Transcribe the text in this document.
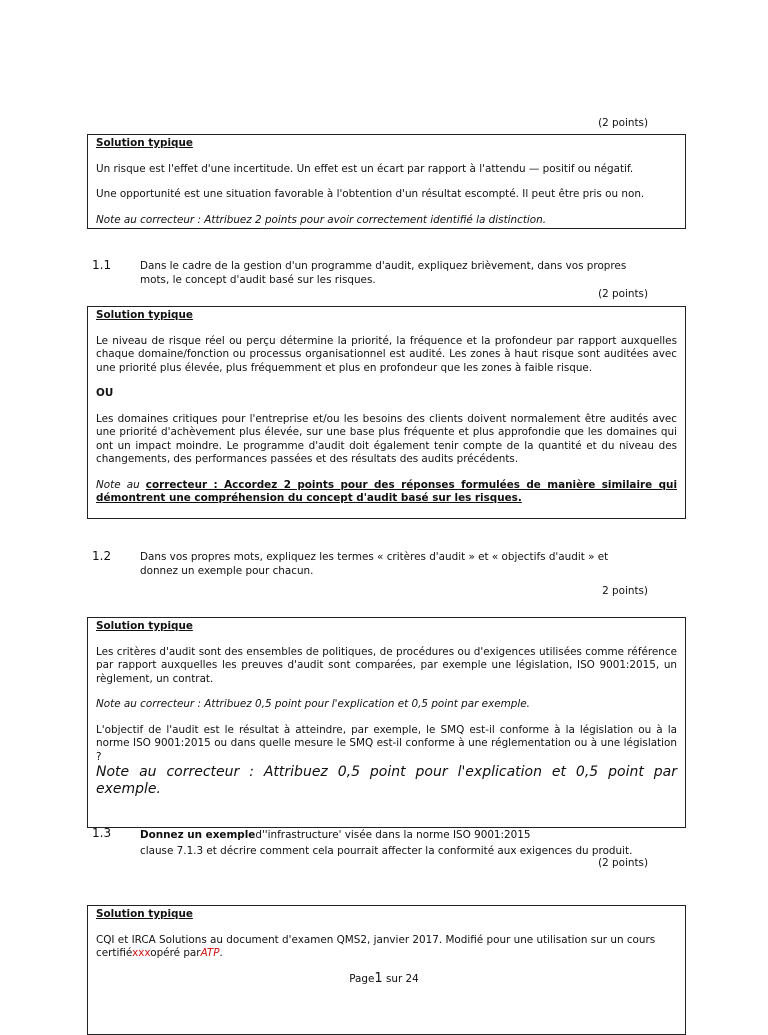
(2 points)

Solution typique

Un risque est l'effet d'une incertitude. Un effet est un écart par rapport à l'attendu — positif ou négatif.

Une opportunité est une situation favorable à l'obtention d'un résultat escompté. Il peut être pris ou non.

Note au correcteur : Attribuez 2 points pour avoir correctement identifié la distinction.

1.1	Dans le cadre de la gestion d'un programme d'audit, expliquez brièvement, dans vos propres mots, le concept d'audit basé sur les risques.
(2 points)

Solution typique

Le niveau de risque réel ou perçu détermine la priorité, la fréquence et la profondeur par rapport auxquelles chaque domaine/fonction ou processus organisationnel est audité. Les zones à haut risque sont auditées avec une priorité plus élevée, plus fréquemment et plus en profondeur que les zones à faible risque.

OU

Les domaines critiques pour l'entreprise et/ou les besoins des clients doivent normalement être audités avec une priorité d'achèvement plus élevée, sur une base plus fréquente et plus approfondie que les domaines qui ont un impact moindre. Le programme d'audit doit également tenir compte de la quantité et du niveau des changements, des performances passées et des résultats des audits précédents.

Note au correcteur : Accordez 2 points pour des réponses formulées de manière similaire qui démontrent une compréhension du concept d'audit basé sur les risques.

1.2	Dans vos propres mots, expliquez les termes « critères d'audit » et « objectifs d'audit » et donnez un exemple pour chacun.
2 points)

Solution typique

Les critères d'audit sont des ensembles de politiques, de procédures ou d'exigences utilisées comme référence par rapport auxquelles les preuves d'audit sont comparées, par exemple une législation, ISO 9001:2015, un règlement, un contrat.

Note au correcteur : Attribuez 0,5 point pour l'explication et 0,5 point par exemple.

L'objectif de l'audit est le résultat à atteindre, par exemple, le SMQ est-il conforme à la législation ou à la norme ISO 9001:2015 ou dans quelle mesure le SMQ est-il conforme à une réglementation ou à une législation ?

Note au correcteur : Attribuez 0,5 point pour l'explication et 0,5 point par exemple.

1.3	Donnez un exempled''infrastructure' visée dans la norme ISO 9001:2015
clause 7.1.3 et décrire comment cela pourrait affecter la conformité aux exigences du produit.
(2 points)

Solution typique

CQI et IRCA Solutions au document d'examen QMS2, janvier 2017. Modifié pour une utilisation sur un cours

certifiéxxxopéré parATP.

Page1 sur 24
